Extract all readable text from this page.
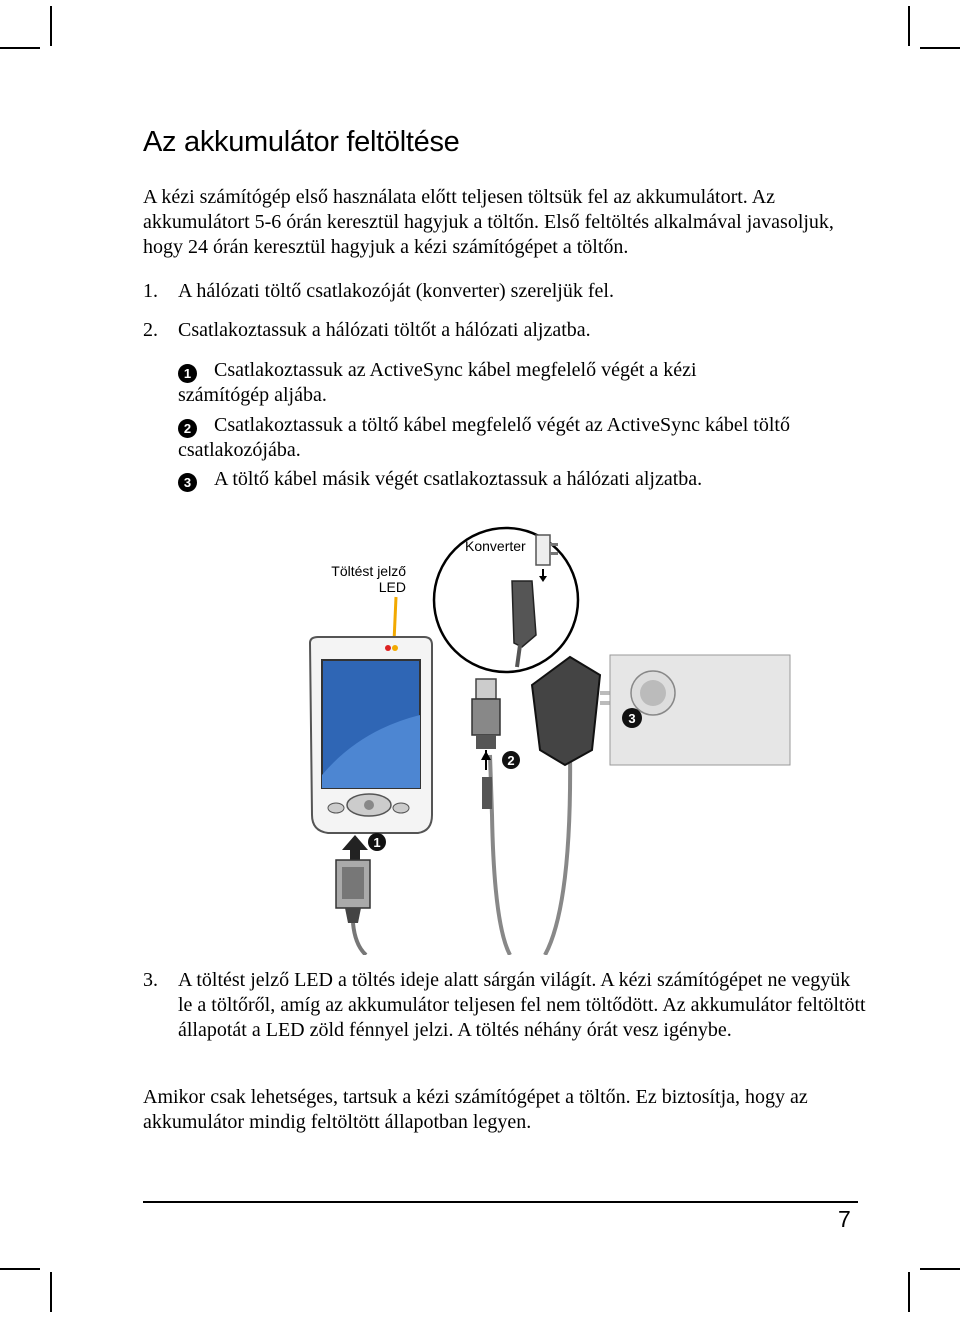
Az akkumulátor feltöltése

A kézi számítógép első használata előtt teljesen töltsük fel az akkumulátort. Az akkumulátort 5-6 órán keresztül hagyjuk a töltőn. Első feltöltés alkalmával javasoljuk, hogy 24 órán keresztül hagyjuk a kézi számítógépet a töltőn.

1. A hálózati töltő csatlakozóját (konverter) szereljük fel.
2. Csatlakoztassuk a hálózati töltőt a hálózati aljzatba.
1 Csatlakoztassuk az ActiveSync kábel megfelelő végét a kézi
számítógép aljába.
2 Csatlakoztassuk a töltő kábel megfelelő végét az ActiveSync kábel töltő
csatlakozójába.
3 A töltő kábel másik végét csatlakoztassuk a hálózati aljzatba.
Töltést jelző
LED
Konverter
1
2
3
3. A töltést jelző LED a töltés ideje alatt sárgán világít. A kézi számítógépet ne vegyük le a töltőről, amíg az akkumulátor teljesen fel nem töltődött. Az akkumulátor feltöltött állapotát a LED zöld fénnyel jelzi. A töltés néhány órát vesz igénybe.

Amikor csak lehetséges, tartsuk a kézi számítógépet a töltőn. Ez biztosítja, hogy az akkumulátor mindig feltöltött állapotban legyen.

7
